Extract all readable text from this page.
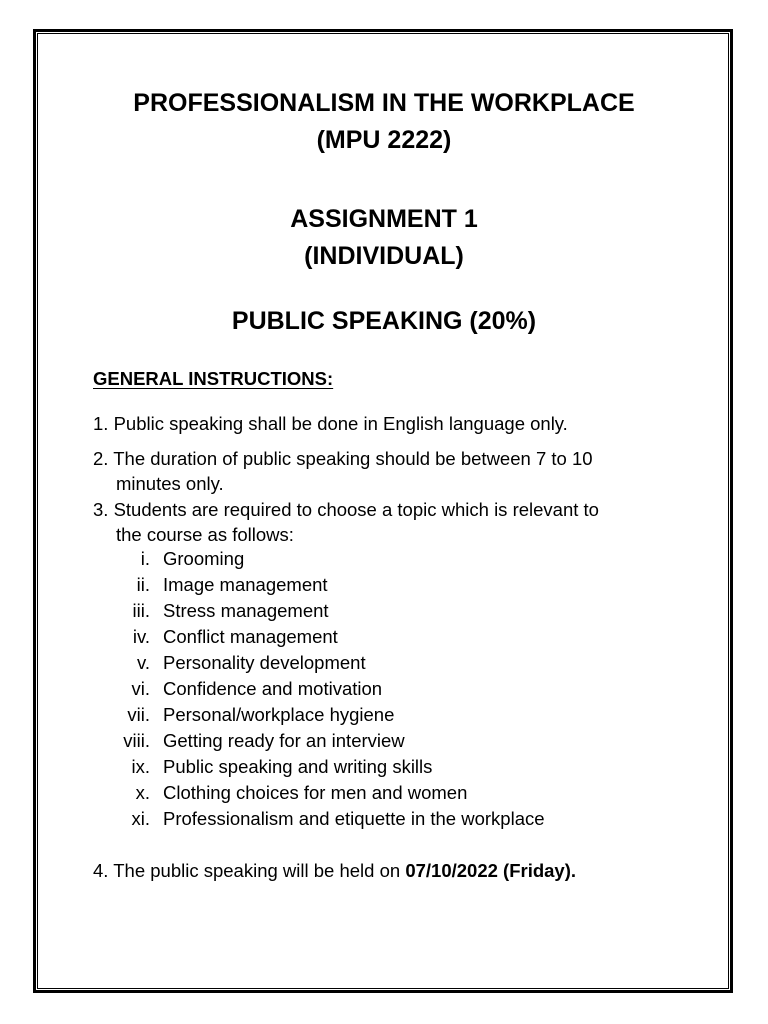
PROFESSIONALISM IN THE WORKPLACE
(MPU 2222)
ASSIGNMENT 1
(INDIVIDUAL)
PUBLIC SPEAKING (20%)
GENERAL INSTRUCTIONS:
1. Public speaking shall be done in English language only.
2. The duration of public speaking should be between 7 to 10
minutes only.
3. Students are required to choose a topic which is relevant to
the course as follows:
i. Grooming
ii. Image management
iii. Stress management
iv. Conflict management
v. Personality development
vi. Confidence and motivation
vii. Personal/workplace hygiene
viii. Getting ready for an interview
ix. Public speaking and writing skills
x. Clothing choices for men and women
xi. Professionalism and etiquette in the workplace
4. The public speaking will be held on 07/10/2022 (Friday).
